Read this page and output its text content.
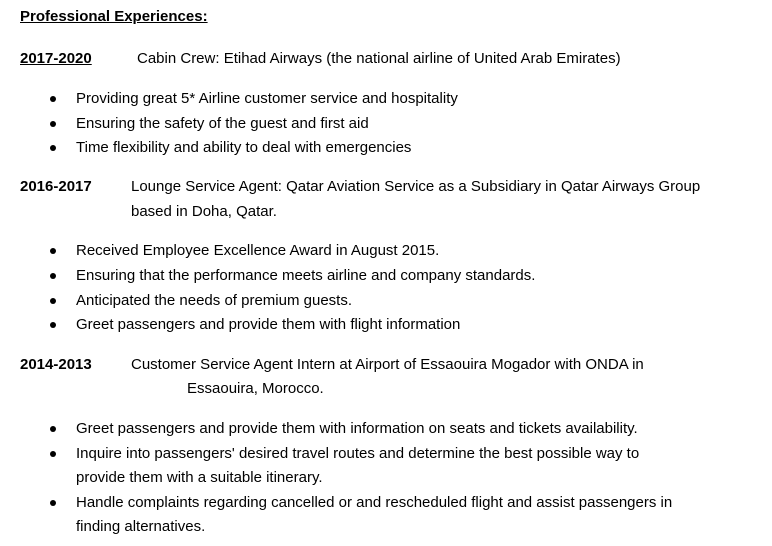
Professional Experiences:
2017-2020	Cabin Crew: Etihad Airways (the national airline of United Arab Emirates)
Providing great 5* Airline customer service and hospitality
Ensuring the safety of the guest and first aid
Time flexibility and ability to deal with emergencies
2016-2017	Lounge Service Agent: Qatar Aviation Service as a Subsidiary in Qatar Airways Group
based in Doha, Qatar.
Received Employee Excellence Award in August 2015.
Ensuring that the performance meets airline and company standards.
Anticipated the needs of premium guests.
Greet passengers and provide them with flight information
2014-2013	Customer Service Agent Intern at Airport of Essaouira Mogador with ONDA in
Essaouira, Morocco.
Greet passengers and provide them with information on seats and tickets availability.
Inquire into passengers' desired travel routes and determine the best possible way to
provide them with a suitable itinerary.
Handle complaints regarding cancelled or and rescheduled flight and assist passengers in
finding alternatives.
